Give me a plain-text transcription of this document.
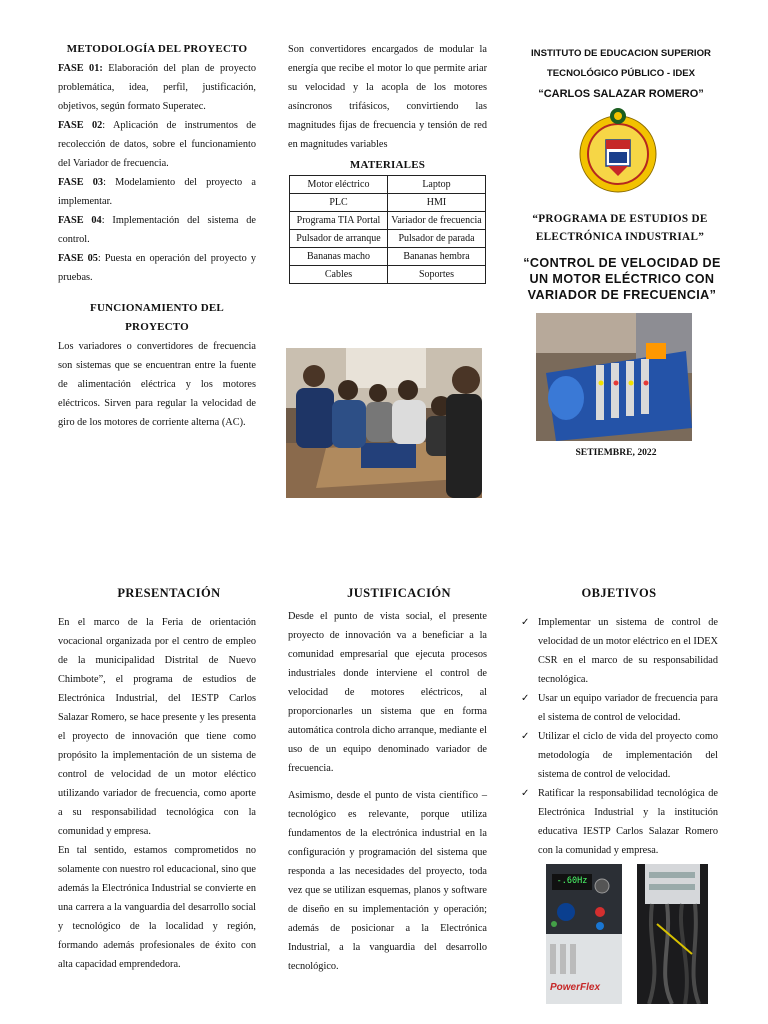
METODOLOGÍA DEL PROYECTO

FASE 01: Elaboración del plan de proyecto problemática, idea, perfil, justificación, objetivos, según formato Superatec.

FASE 02: Aplicación de instrumentos de recolección de datos, sobre el funcionamiento del Variador de frecuencia.

FASE 03: Modelamiento del proyecto a implementar.

FASE 04: Implementación del sistema de control.

FASE 05: Puesta en operación del proyecto y pruebas.

FUNCIONAMIENTO DEL PROYECTO

Los variadores o convertidores de frecuencia son sistemas que se encuentran entre la fuente de alimentación eléctrica y los motores eléctricos. Sirven para regular la velocidad de giro de los motores de corriente alterna (AC).

Son convertidores encargados de modular la energía que recibe el motor lo que permite ariar su velocidad y la acopla de los motores asíncronos trifásicos, convirtiendo las magnitudes fijas de frecuencia y tensión de red en magnitudes variables

MATERIALES
Motor eléctrico	Laptop
PLC	HMI
Programa TIA Portal	Variador de frecuencia
Pulsador de arranque	Pulsador de parada
Bananas macho	Bananas hembra
Cables	Soportes
INSTITUTO DE EDUCACION SUPERIOR
TECNOLÓGICO PÚBLICO - IDEX
“CARLOS SALAZAR ROMERO”
“PROGRAMA DE ESTUDIOS DE ELECTRÓNICA INDUSTRIAL”
“CONTROL DE VELOCIDAD DE UN MOTOR ELÉCTRICO CON VARIADOR DE FRECUENCIA”
SETIEMBRE, 2022
PRESENTACIÓN

En el marco de la Feria de orientación vocacional organizada por el centro de empleo de la municipalidad Distrital de Nuevo Chimbote”, el programa de estudios de Electrónica Industrial, del IESTP Carlos Salazar Romero, se hace presente y les presenta el proyecto de innovación que tiene como propósito la implementación de un sistema de control de velocidad de un motor eléctico utilizando variador de frecuencia, como aporte a su responsabilidad tecnológica con la comunidad y empresa.

En tal sentido, estamos comprometidos no solamente con nuestro rol educacional, sino que además la Electrónica Industrial se convierte en una carrera a la vanguardia del desarrollo social y tecnológico de la localidad y región, formando además profesionales de éxito con alta capacidad emprendedora.

JUSTIFICACIÓN

Desde el punto de vista social, el presente proyecto de innovación va a beneficiar a la comunidad empresarial que ejecuta procesos industriales donde interviene el control de velocidad de motores eléctricos, al proporcionarles un sistema que en forma automática controla dicho arranque, mediante el uso de un equipo denominado variador de frecuencia.

Asimismo, desde el punto de vista científico – tecnológico es relevante, porque utiliza fundamentos de la electrónica industrial en la configuración y programación del sistema que responda a las necesidades del proyecto, toda vez que se utilizan esquemas, planos y software de diseño en su implementación y operación; además de posicionar a la Electrónica Industrial, a la vanguardia del desarrollo tecnológico.

OBJETIVOS
✓ Implementar un sistema de control de velocidad de un motor eléctrico en el IDEX CSR en el marco de su responsabilidad tecnológica.
✓ Usar un equipo variador de frecuencia para el sistema de control de velocidad.
✓ Utilizar el ciclo de vida del proyecto como metodología de implementación del sistema de control de velocidad.
✓ Ratificar la responsabilidad tecnológica de Electrónica Industrial y la institución educativa IESTP Carlos Salazar Romero con la comunidad y empresa.
-.60Hz
PowerFlex
